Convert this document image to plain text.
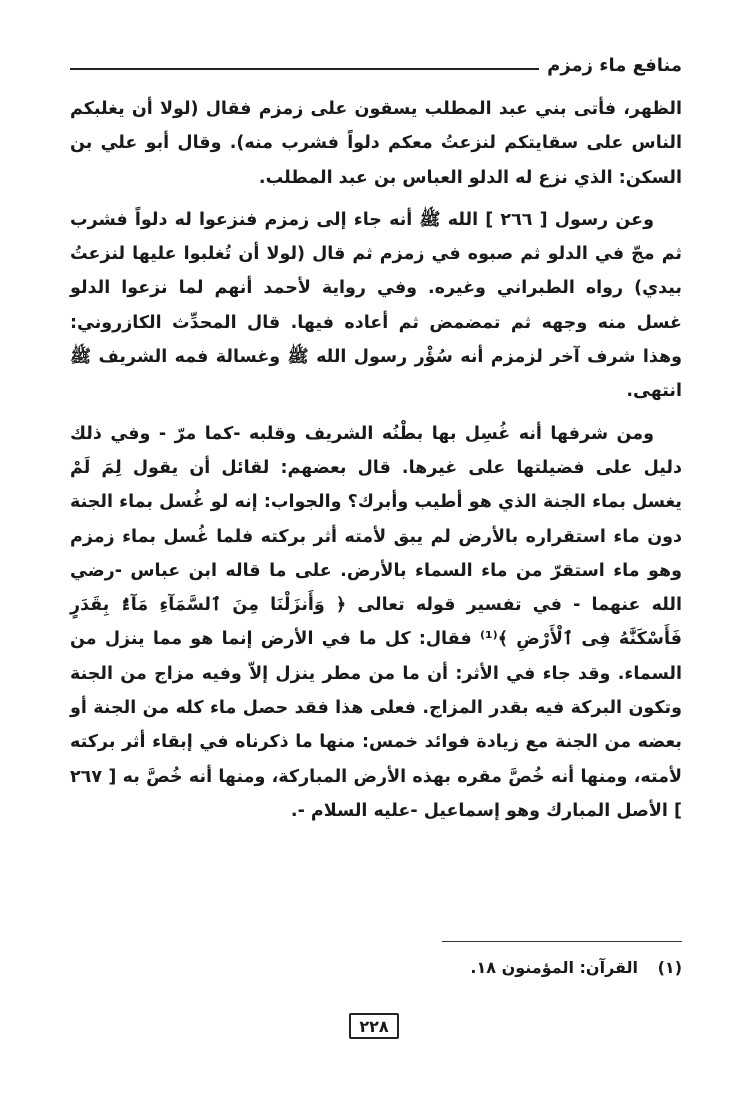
منافع ماء زمزم

الظهر، فأتى بني عبد المطلب يسقون على زمزم فقال (لولا أن يغلبكم الناس على سقايتكم لنزعتُ معكم دلواً فشرب منه). وقال أبو علي بن السكن: الذي نزع له الدلو العباس بن عبد المطلب.

وعن رسول [ ٢٦٦ ] الله ﷺ أنه جاء إلى زمزم فنزعوا له دلواً فشرب ثم مجّ في الدلو ثم صبوه في زمزم ثم قال (لولا أن تُغلبوا عليها لنزعتُ بيدي) رواه الطبراني وغيره. وفي رواية لأحمد أنهم لما نزعوا الدلو غسل منه وجهه ثم تمضمض ثم أعاده فيها. قال المحدِّث الكازروني: وهذا شرف آخر لزمزم أنه سُؤْر رسول الله ﷺ وغسالة فمه الشريف ﷺ انتهى.

ومن شرفها أنه غُسِل بها بطْنُه الشريف وقلبه -كما مرّ - وفي ذلك دليل على فضيلتها على غيرها. قال بعضهم: لقائل أن يقول لِمَ لَمْ يغسل بماء الجنة الذي هو أطيب وأبرك؟ والجواب: إنه لو غُسل بماء الجنة دون ماء استقراره بالأرض لم يبق لأمته أثر بركته فلما غُسل بماء زمزم وهو ماء استقرّ من ماء السماء بالأرض. على ما قاله ابن عباس -رضي الله عنهما - في تفسير قوله تعالى ﴿ وَأَنزَلْنَا مِنَ ٱلسَّمَآءِ مَآءًۢ بِقَدَرٍ فَأَسْكَنَّٰهُ فِى ٱلْأَرْضِ ﴾⁽¹⁾ فقال: كل ما في الأرض إنما هو مما ينزل من السماء. وقد جاء في الأثر: أن ما من مطر ينزل إلاّ وفيه مزاج من الجنة وتكون البركة فيه بقدر المزاج. فعلى هذا فقد حصل ماء كله من الجنة أو بعضه من الجنة مع زيادة فوائد خمس: منها ما ذكرناه في إبقاء أثر بركته لأمته، ومنها أنه خُصَّ مقره بهذه الأرض المباركة، ومنها أنه خُصَّ به [ ٢٦٧ ] الأصل المبارك وهو إسماعيل -عليه السلام -.

(١) القرآن: المؤمنون ١٨.
٢٢٨
